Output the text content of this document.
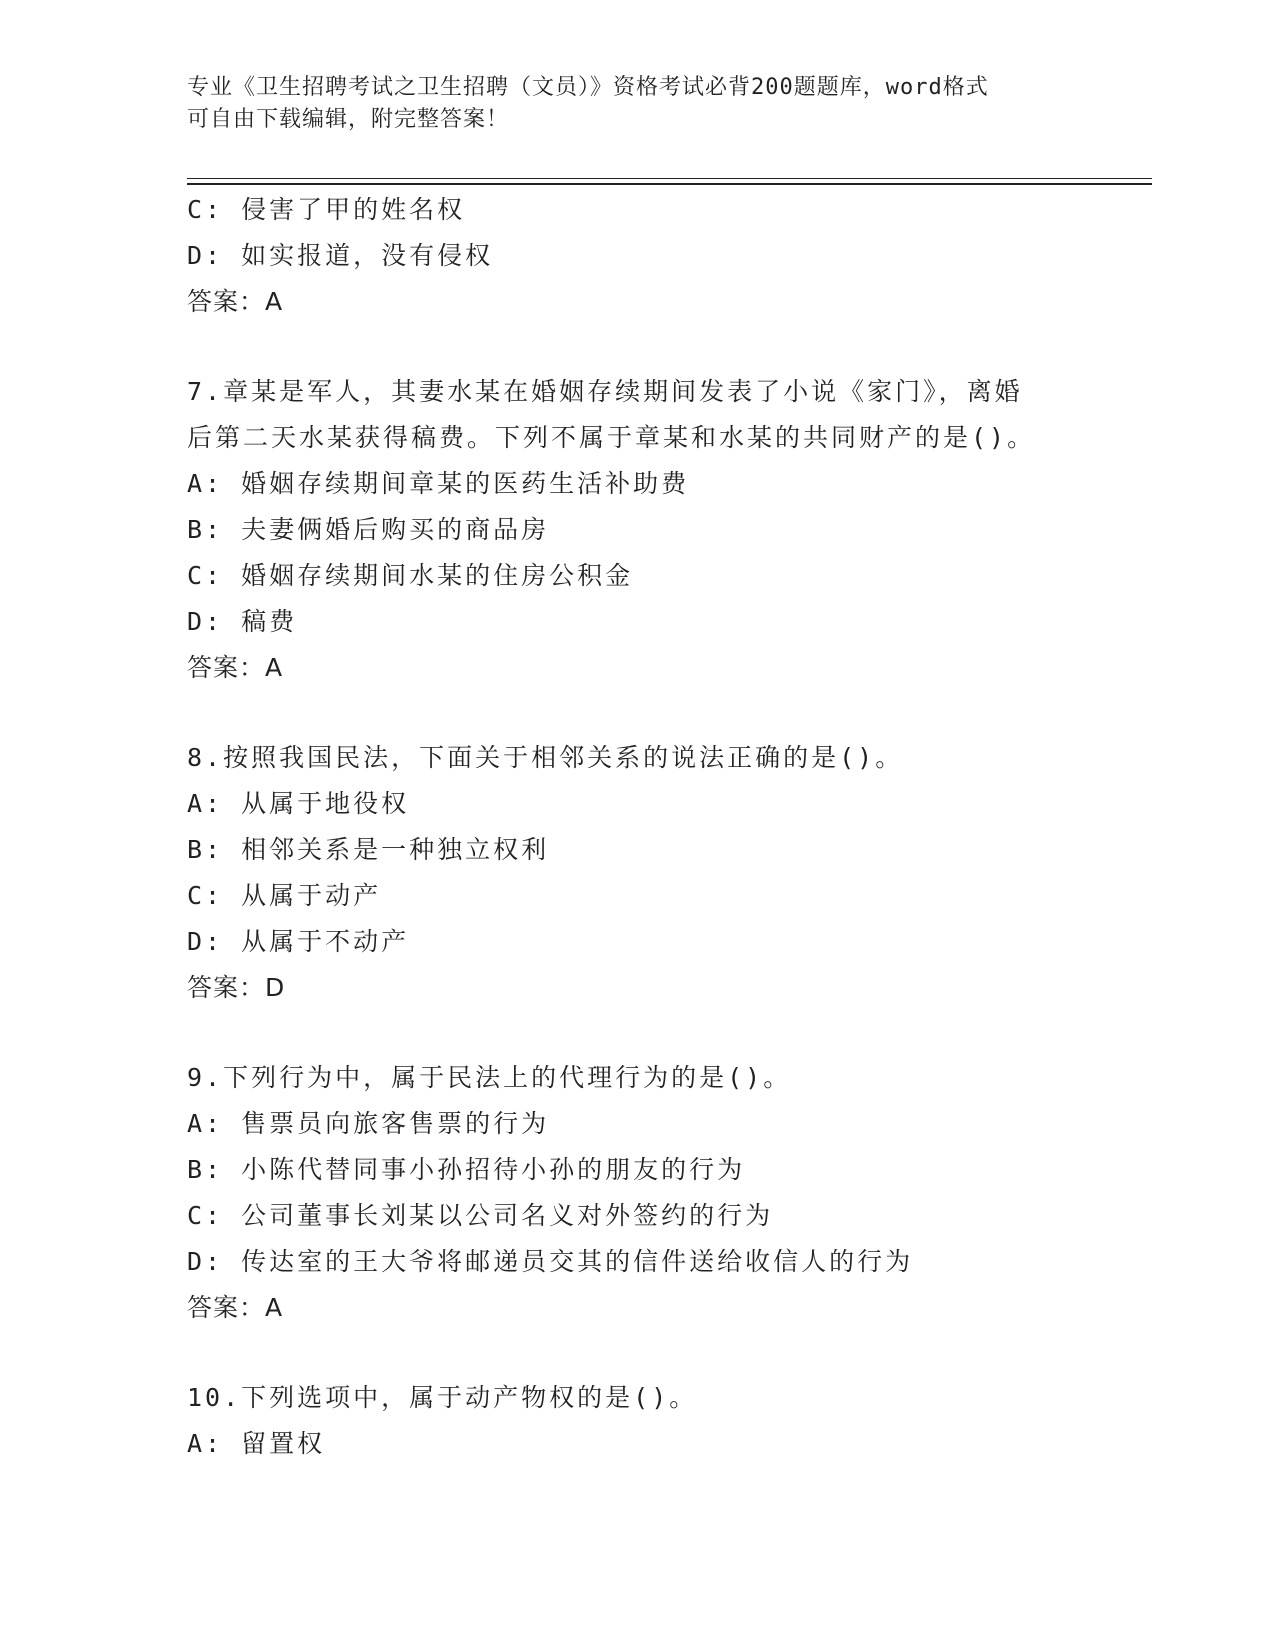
专业《卫生招聘考试之卫生招聘（文员）》资格考试必背200题题库，word格式
可自由下载编辑，附完整答案！
C: 侵害了甲的姓名权
D: 如实报道，没有侵权
答案：A
7.章某是军人，其妻水某在婚姻存续期间发表了小说《家门》，离婚
后第二天水某获得稿费。下列不属于章某和水某的共同财产的是()。
A: 婚姻存续期间章某的医药生活补助费
B: 夫妻俩婚后购买的商品房
C: 婚姻存续期间水某的住房公积金
D: 稿费
答案：A
8.按照我国民法，下面关于相邻关系的说法正确的是()。
A: 从属于地役权
B: 相邻关系是一种独立权利
C: 从属于动产
D: 从属于不动产
答案：D
9.下列行为中，属于民法上的代理行为的是()。
A: 售票员向旅客售票的行为
B: 小陈代替同事小孙招待小孙的朋友的行为
C: 公司董事长刘某以公司名义对外签约的行为
D: 传达室的王大爷将邮递员交其的信件送给收信人的行为
答案：A
10.下列选项中，属于动产物权的是()。
A: 留置权
